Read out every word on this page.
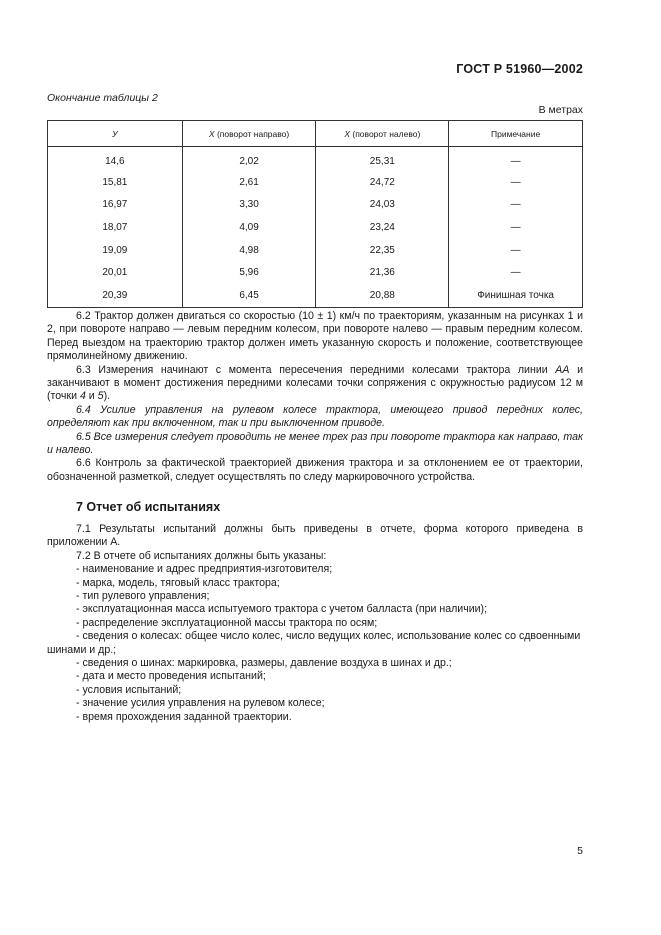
ГОСТ Р 51960—2002
Окончание таблицы 2
В метрах
У	X (поворот направо)	X (поворот налево)	Примечание
14,6	2,02	25,31	—
15,81	2,61	24,72	—
16,97	3,30	24,03	—
18,07	4,09	23,24	—
19,09	4,98	22,35	—
20,01	5,96	21,36	—
20,39	6,45	20,88	Финишная точка
6.2 Трактор должен двигаться со скоростью (10 ± 1) км/ч по траекториям, указанным на рисунках 1 и 2, при повороте направо — левым передним колесом, при повороте налево — правым передним колесом. Перед выездом на траекторию трактор должен иметь указанную скорость и положение, соответствующее прямолинейному движению.
6.3 Измерения начинают с момента пересечения передними колесами трактора линии АА и заканчивают в момент достижения передними колесами точки сопряжения с окружностью радиусом 12 м (точки 4 и 5).
6.4 Усилие управления на рулевом колесе трактора, имеющего привод передних колес, определяют как при включенном, так и при выключенном приводе.
6.5 Все измерения следует проводить не менее трех раз при повороте трактора как направо, так и налево.
6.6 Контроль за фактической траекторией движения трактора и за отклонением ее от траектории, обозначенной разметкой, следует осуществлять по следу маркировочного устройства.
7 Отчет об испытаниях
7.1 Результаты испытаний должны быть приведены в отчете, форма которого приведена в приложении А.
7.2 В отчете об испытаниях должны быть указаны:
- наименование и адрес предприятия-изготовителя;
- марка, модель, тяговый класс трактора;
- тип рулевого управления;
- эксплуатационная масса испытуемого трактора с учетом балласта (при наличии);
- распределение эксплуатационной массы трактора по осям;
- сведения о колесах: общее число колес, число ведущих колес, использование колес со сдвоенными шинами и др.;
- сведения о шинах: маркировка, размеры, давление воздуха в шинах и др.;
- дата и место проведения испытаний;
- условия испытаний;
- значение усилия управления на рулевом колесе;
- время прохождения заданной траектории.
5
